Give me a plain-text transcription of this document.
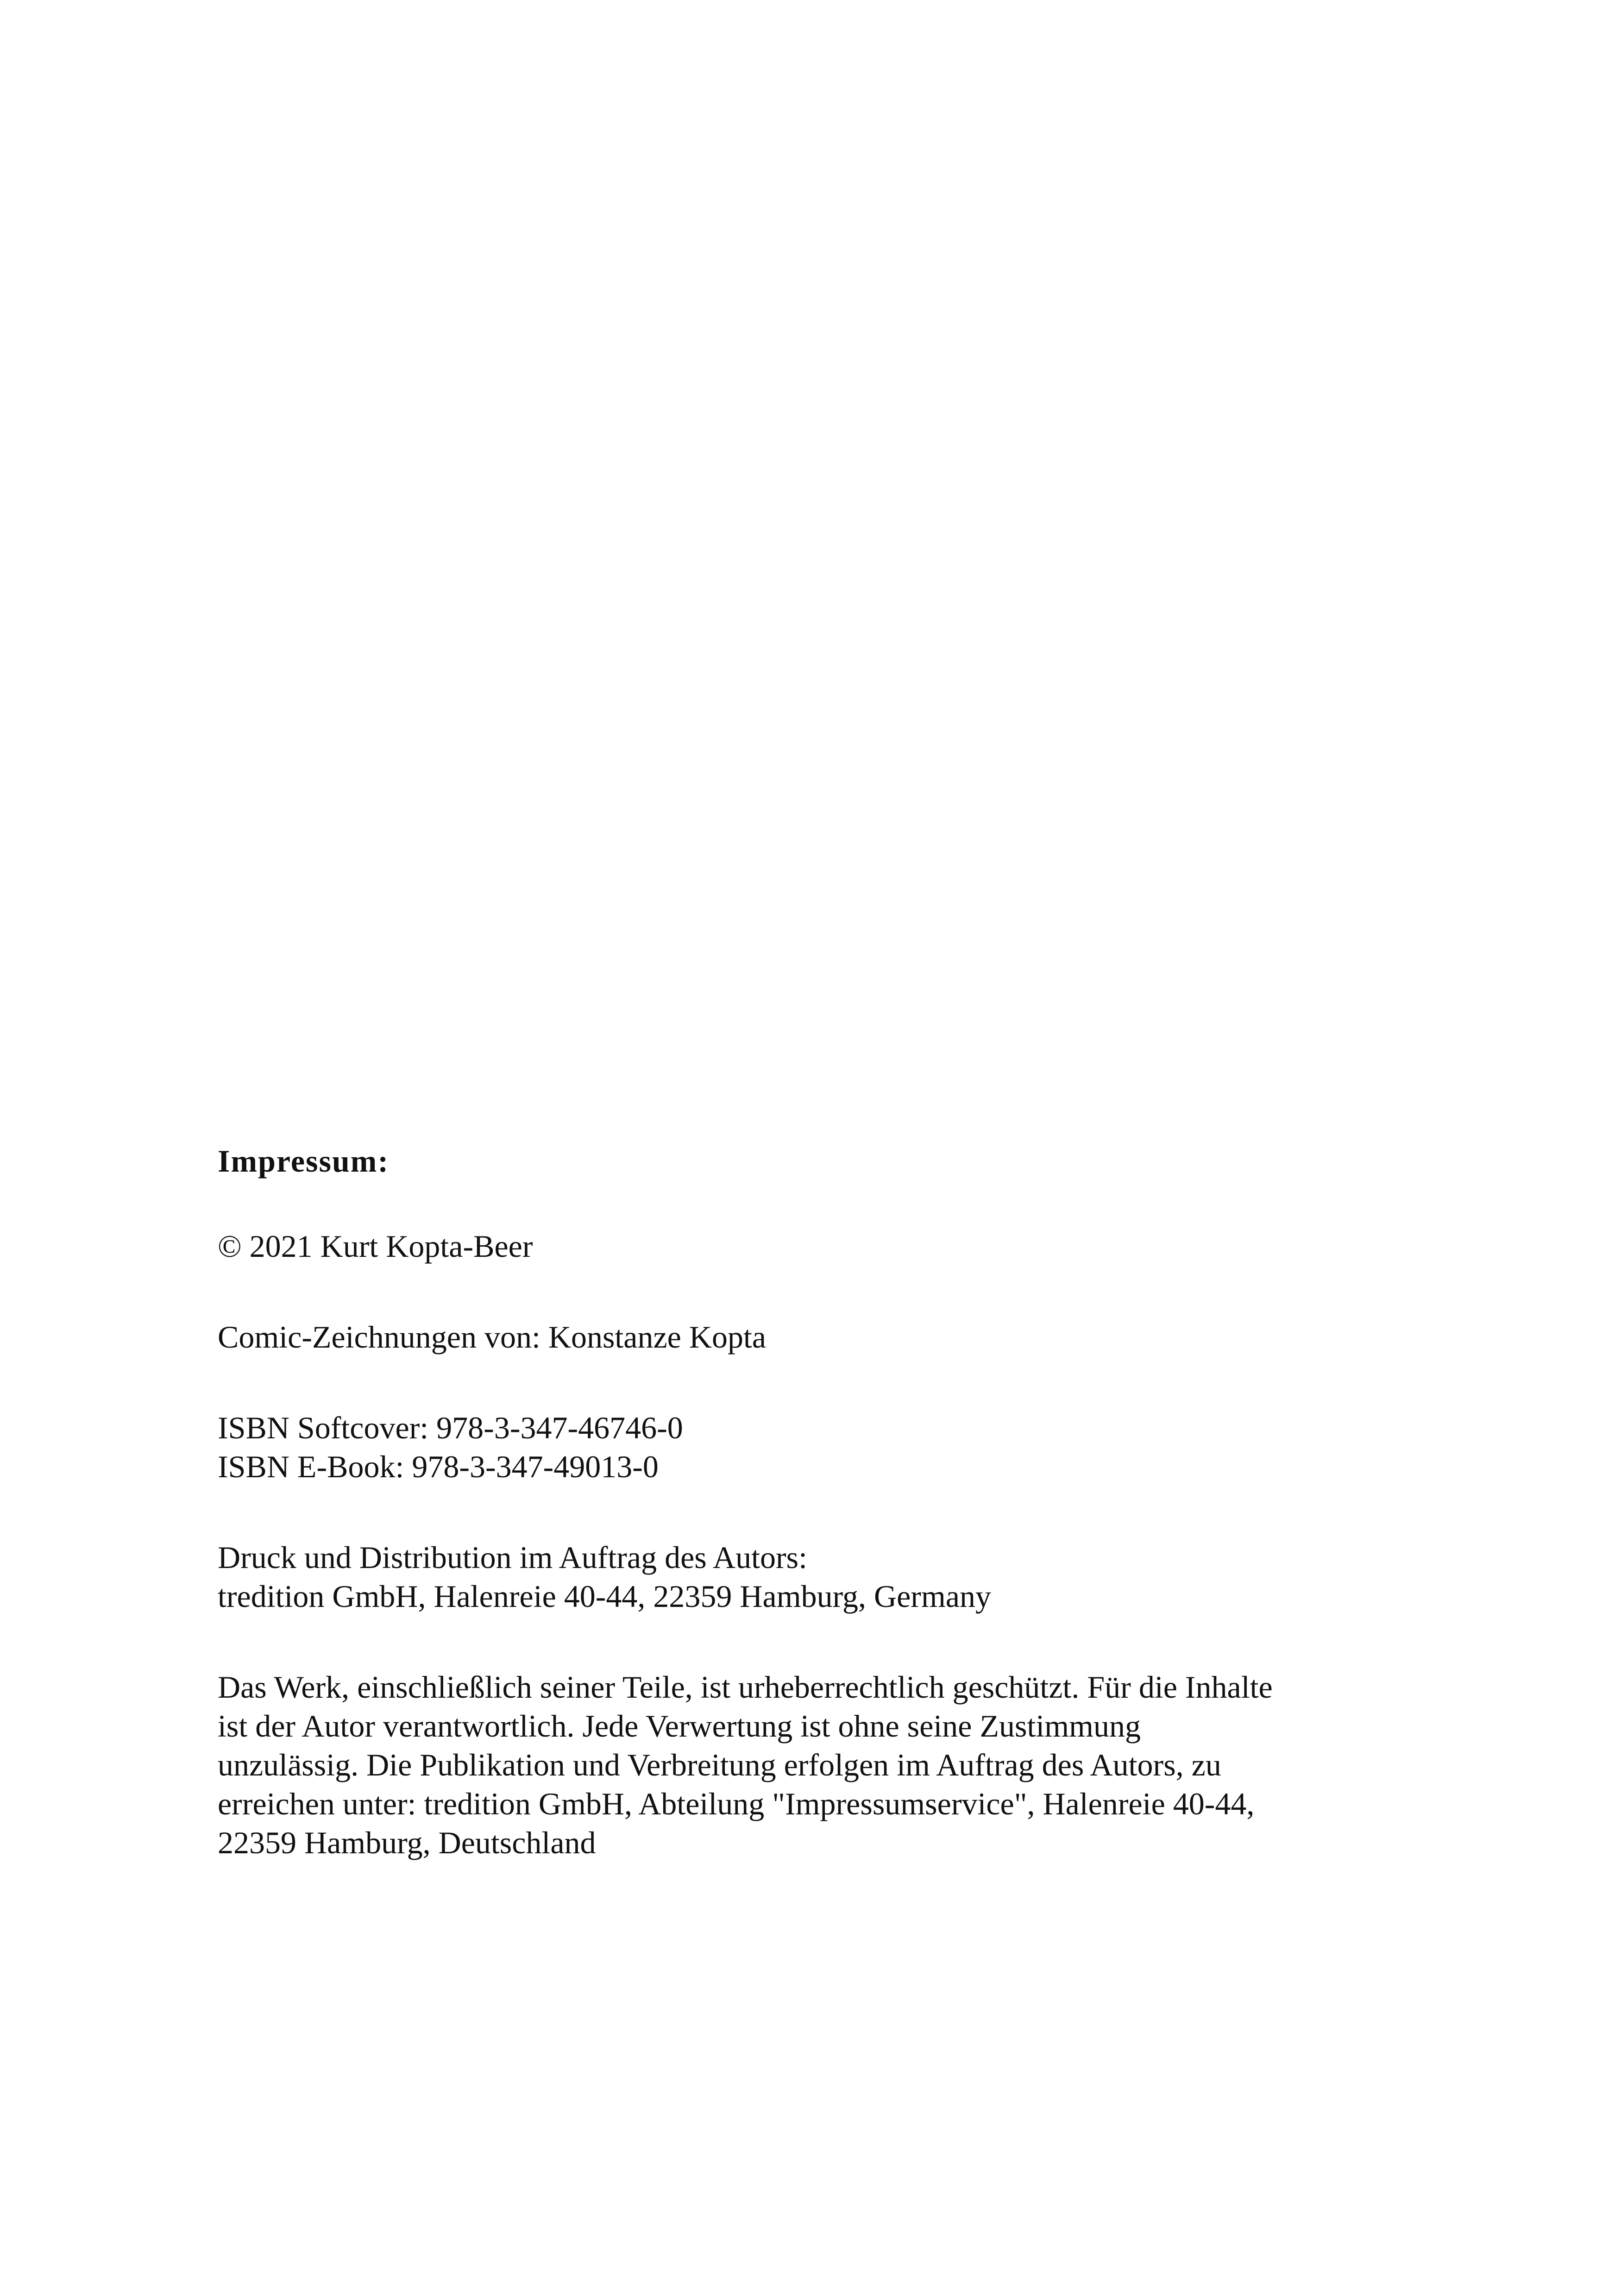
Impressum:

© 2021 Kurt Kopta-Beer

Comic-Zeichnungen von: Konstanze Kopta

ISBN Softcover: 978-3-347-46746-0
ISBN E-Book: 978-3-347-49013-0

Druck und Distribution im Auftrag des Autors:
tredition GmbH, Halenreie 40-44, 22359 Hamburg, Germany

Das Werk, einschließlich seiner Teile, ist urheberrechtlich geschützt. Für die Inhalte
ist der Autor verantwortlich. Jede Verwertung ist ohne seine Zustimmung
unzulässig. Die Publikation und Verbreitung erfolgen im Auftrag des Autors, zu
erreichen unter: tredition GmbH, Abteilung "Impressumservice", Halenreie 40-44,
22359 Hamburg, Deutschland
